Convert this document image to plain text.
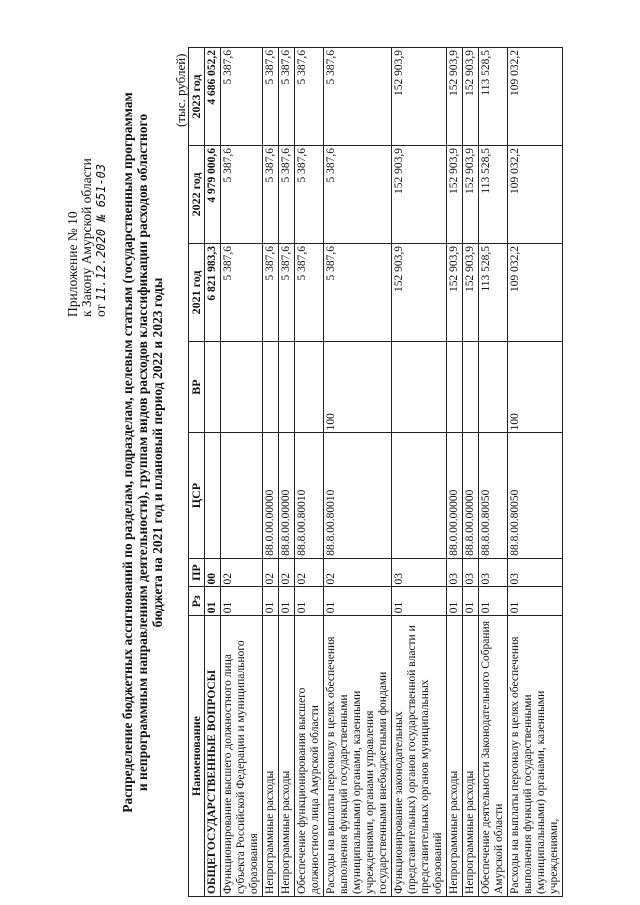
Приложение № 10 к Закону Амурской области от 11.12.2020 № 651-03 Распределение бюджетных ассигнований по разделам, подразделам, целевым статьям (государственным программам и непрограммным направлениям деятельности), группам видов расходов классификации расходов областного бюджета на 2021 год и плановый период 2022 и 2023 годы
(тыс. рублей)
Наименование	Рз	ПР	ЦСР	ВР	2021 год	2022 год	2023 год
ОБЩЕГОСУДАРСТВЕННЫЕ ВОПРОСЫ	01	00			6 821 983,3	4 979 000,6	4 686 052,2
Функционирование высшего должностного лица субъекта Российской Федерации и муниципального образования	01	02			5 387,6	5 387,6	5 387,6
Непрограммные расходы	01	02	88.0.00.00000		5 387,6	5 387,6	5 387,6
Непрограммные расходы	01	02	88.8.00.00000		5 387,6	5 387,6	5 387,6
Обеспечение функционирования высшего должностного лица Амурской области	01	02	88.8.00.80010		5 387,6	5 387,6	5 387,6
Расходы на выплаты персоналу в целях обеспечения выполнения функций государственными (муниципальными) органами, казенными учреждениями, органами управления государственными внебюджетными фондами	01	02	88.8.00.80010	100	5 387,6	5 387,6	5 387,6
Функционирование законодательных (представительных) органов государственной власти и представительных органов муниципальных образований	01	03			152 903,9	152 903,9	152 903,9
Непрограммные расходы	01	03	88.0.00.00000		152 903,9	152 903,9	152 903,9
Непрограммные расходы	01	03	88.8.00.00000		152 903,9	152 903,9	152 903,9
Обеспечение деятельности Законодательного Собрания Амурской области	01	03	88.8.00.80050		113 528,5	113 528,5	113 528,5
Расходы на выплаты персоналу в целях обеспечения выполнения функций государственными (муниципальными) органами, казенными учреждениями,	01	03	88.8.00.80050	100	109 032,2	109 032,2	109 032,2
